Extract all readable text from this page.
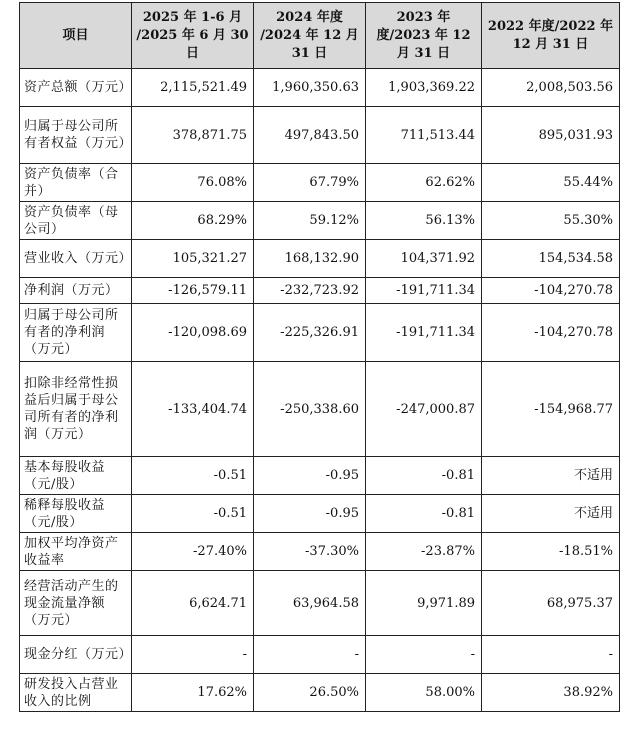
项目	2025 年 1-6 月 /2025 年 6 月 30 日	2024 年度 /2024 年 12 月 31 日	2023 年度/2023 年 12 月 31 日	2022 年度/2022 年 12 月 31 日
资产总额（万元）	2,115,521.49	1,960,350.63	1,903,369.22	2,008,503.56
归属于母公司所有者权益（万元）	378,871.75	497,843.50	711,513.44	895,031.93
资产负债率（合并）	76.08%	67.79%	62.62%	55.44%
资产负债率（母公司）	68.29%	59.12%	56.13%	55.30%
营业收入（万元）	105,321.27	168,132.90	104,371.92	154,534.58
净利润（万元）	-126,579.11	-232,723.92	-191,711.34	-104,270.78
归属于母公司所有者的净利润（万元）	-120,098.69	-225,326.91	-191,711.34	-104,270.78
扣除非经常性损益后归属于母公司所有者的净利润（万元）	-133,404.74	-250,338.60	-247,000.87	-154,968.77
基本每股收益（元/股）	-0.51	-0.95	-0.81	不适用
稀释每股收益（元/股）	-0.51	-0.95	-0.81	不适用
加权平均净资产收益率	-27.40%	-37.30%	-23.87%	-18.51%
经营活动产生的现金流量净额（万元）	6,624.71	63,964.58	9,971.89	68,975.37
现金分红（万元）	-	-	-	-
研发投入占营业收入的比例	17.62%	26.50%	58.00%	38.92%
